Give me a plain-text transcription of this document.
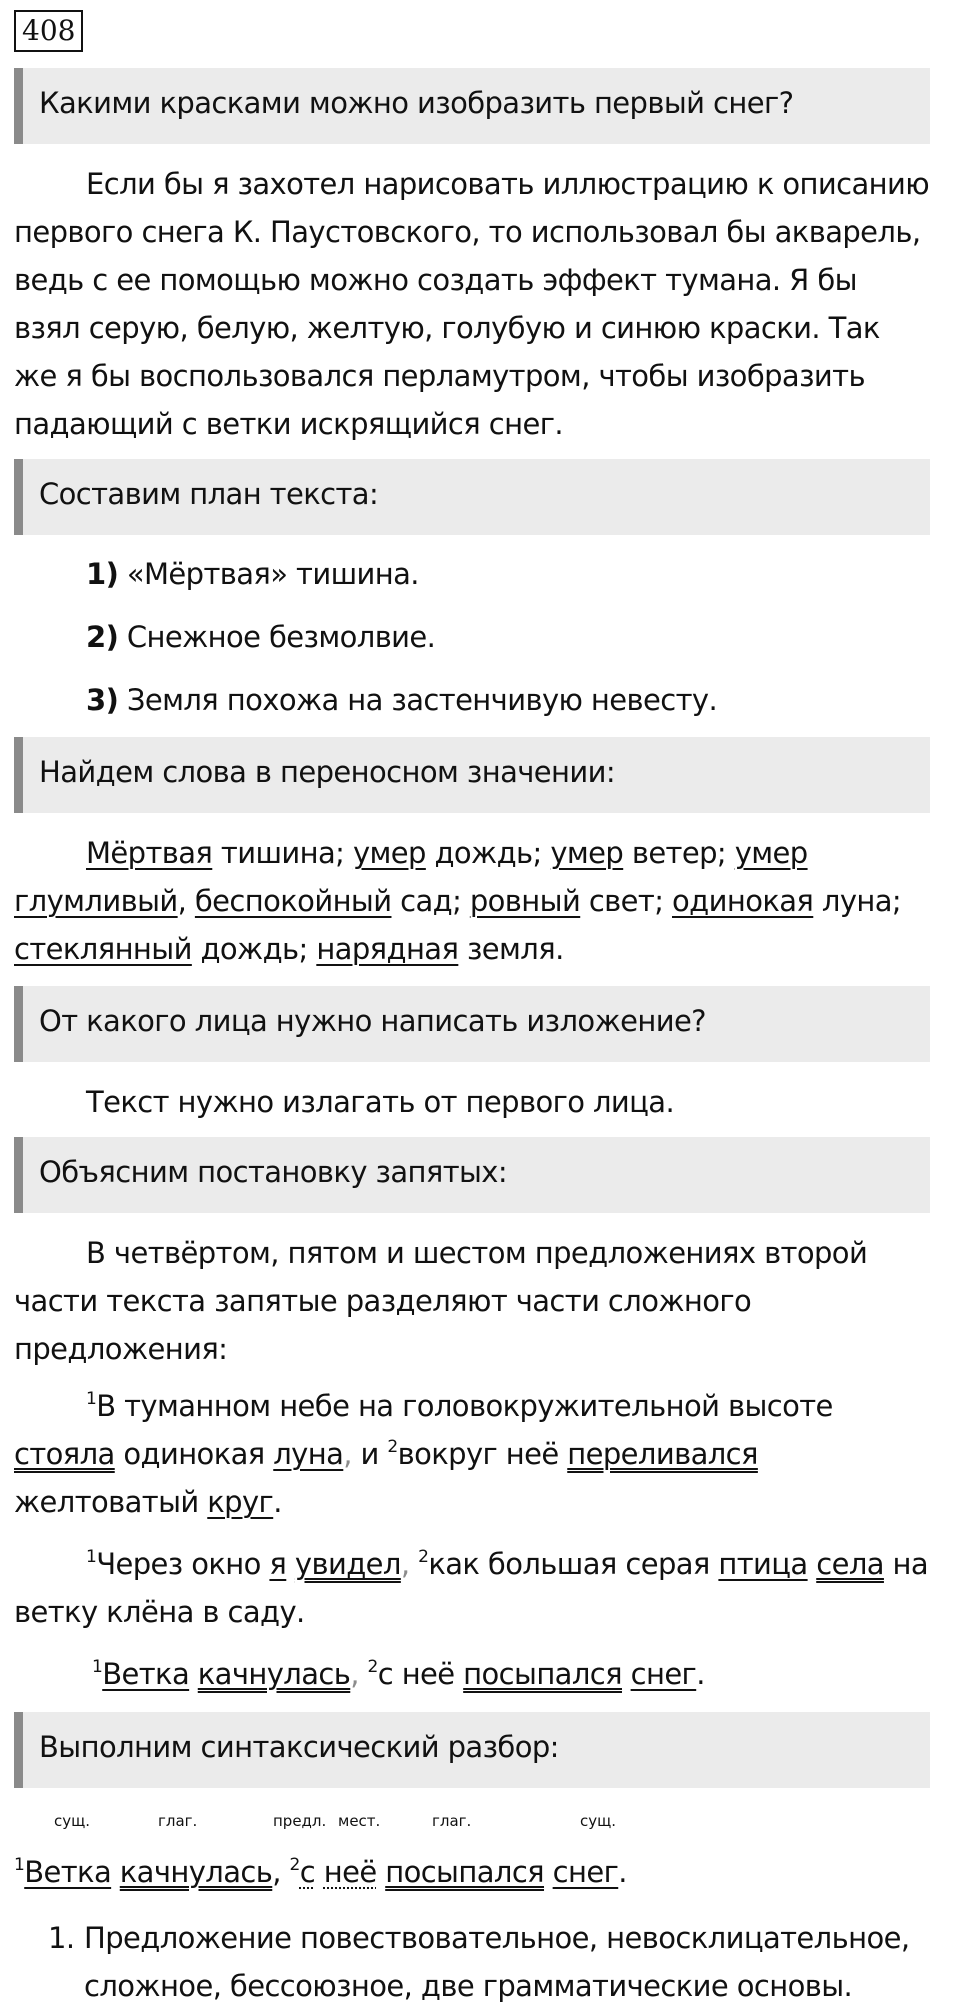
408
Какими красками можно изобразить первый снег?
Если бы я захотел нарисовать иллюстрацию к описанию
первого снега К. Паустовского, то использовал бы акварель,
ведь с ее помощью можно создать эффект тумана. Я бы
взял серую, белую, желтую, голубую и синюю краски. Так
же я бы воспользовался перламутром, чтобы изобразить
падающий с ветки искрящийся снег.
Составим план текста:
1) «Мёртвая» тишина.
2) Снежное безмолвие.
3) Земля похожа на застенчивую невесту.
Найдем слова в переносном значении:
Мёртвая тишина; умер дождь; умер ветер; умер
глумливый, беспокойный сад; ровный свет; одинокая луна;
стеклянный дождь; нарядная земля.
От какого лица нужно написать изложение?
Текст нужно излагать от первого лица.
Объясним постановку запятых:
В четвёртом, пятом и шестом предложениях второй
части текста запятые разделяют части сложного
предложения:
$^1$В туманном небе на головокружительной высоте
стояла одинокая луна, и $^2$вокруг неё переливался
желтоватый круг.
$^1$Через окно я увидел, $^2$как большая серая птица села на
ветку клёна в саду.
$^1$Ветка качнулась, $^2$с неё посыпался снег.
Выполним синтаксический разбор:
сущ.	глаг.	предл. мест.	глаг.	сущ.
$^1$Ветка качнулась, $^2$с неё посыпался снег.
1. Предложение повествовательное, невосклицательное,
сложное, бессоюзное, две грамматические основы.
